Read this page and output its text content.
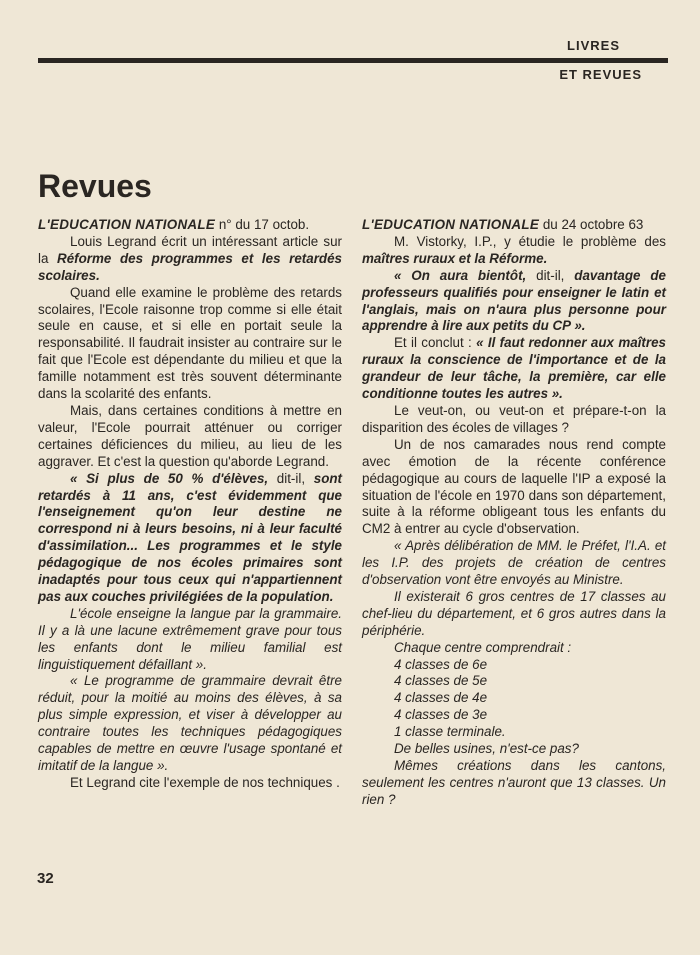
LIVRES
ET REVUES
Revues

L'EDUCATION NATIONALE n° du 17 octob.

Louis Legrand écrit un intéressant article sur la Réforme des programmes et les retardés scolaires.

Quand elle examine le problème des retards scolaires, l'Ecole raisonne trop comme si elle était seule en cause, et si elle en portait seule la responsabilité. Il faudrait insister au contraire sur le fait que l'Ecole est dépendante du milieu et que la famille notamment est très souvent déterminante dans la scolarité des enfants.

Mais, dans certaines conditions à mettre en valeur, l'Ecole pourrait atténuer ou corriger certaines déficiences du milieu, au lieu de les aggraver. Et c'est la question qu'aborde Legrand.

« Si plus de 50 % d'élèves, dit-il, sont retardés à 11 ans, c'est évidemment que l'enseignement qu'on leur destine ne correspond ni à leurs besoins, ni à leur faculté d'assimilation... Les programmes et le style pédagogique de nos écoles primaires sont inadaptés pour tous ceux qui n'appartiennent pas aux couches privilégiées de la population.

L'école enseigne la langue par la grammaire. Il y a là une lacune extrêmement grave pour tous les enfants dont le milieu familial est linguistiquement défaillant ».

« Le programme de grammaire devrait être réduit, pour la moitié au moins des élèves, à sa plus simple expression, et viser à développer au contraire toutes les techniques pédagogiques capables de mettre en œuvre l'usage spontané et imitatif de la langue ».

Et Legrand cite l'exemple de nos techniques .

L'EDUCATION NATIONALE du 24 octobre 63

M. Vistorky, I.P., y étudie le problème des maîtres ruraux et la Réforme.

« On aura bientôt, dit-il, davantage de professeurs qualifiés pour enseigner le latin et l'anglais, mais on n'aura plus personne pour apprendre à lire aux petits du CP ».

Et il conclut : « Il faut redonner aux maîtres ruraux la conscience de l'importance et de la grandeur de leur tâche, la première, car elle conditionne toutes les autres ».

Le veut-on, ou veut-on et prépare-t-on la disparition des écoles de villages ?

Un de nos camarades nous rend compte avec émotion de la récente conférence pédagogique au cours de laquelle l'IP a exposé la situation de l'école en 1970 dans son département, suite à la réforme obligeant tous les enfants du CM2 à entrer au cycle d'observation.

« Après délibération de MM. le Préfet, l'I.A. et les I.P. des projets de création de centres d'observation vont être envoyés au Ministre.

Il existerait 6 gros centres de 17 classes au chef-lieu du département, et 6 gros autres dans la périphérie.

Chaque centre comprendrait :

4 classes de 6e

4 classes de 5e

4 classes de 4e

4 classes de 3e

1 classe terminale.

De belles usines, n'est-ce pas?

Mêmes créations dans les cantons, seulement les centres n'auront que 13 classes. Un rien ?

32
